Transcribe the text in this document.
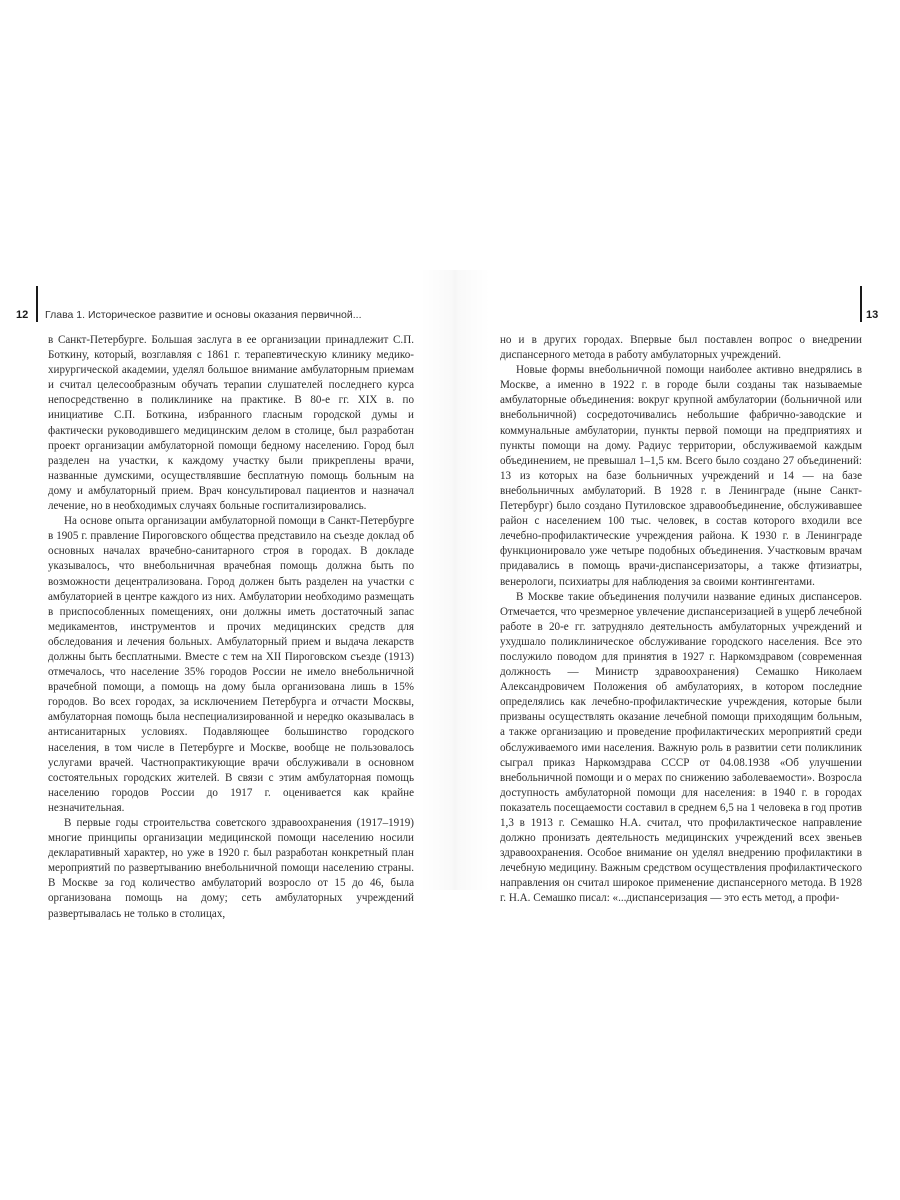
12 Глава 1. Историческое развитие и основы оказания первичной...	13

в Санкт-Петербурге. Большая заслуга в ее организации принадлежит С.П. Боткину, который, возглавляя с 1861 г. терапевтическую клинику медико-хирургической академии, уделял большое внимание амбулаторным приемам и считал целесообразным обучать терапии слушателей последнего курса непосредственно в поликлинике на практике. В 80-е гг. XIX в. по инициативе С.П. Боткина, избранного гласным городской думы и фактически руководившего медицинским делом в столице, был разработан проект организации амбулаторной помощи бедному населению. Город был разделен на участки, к каждому участку были прикреплены врачи, названные думскими, осуществлявшие бесплатную помощь больным на дому и амбулаторный прием. Врач консультировал пациентов и назначал лечение, но в необходимых случаях больные госпитализировались.

На основе опыта организации амбулаторной помощи в Санкт-Петербурге в 1905 г. правление Пироговского общества представило на съезде доклад об основных началах врачебно-санитарного строя в городах. В докладе указывалось, что внебольничная врачебная помощь должна быть по возможности децентрализована. Город должен быть разделен на участки с амбулаторией в центре каждого из них. Амбулатории необходимо размещать в приспособленных помещениях, они должны иметь достаточный запас медикаментов, инструментов и прочих медицинских средств для обследования и лечения больных. Амбулаторный прием и выдача лекарств должны быть бесплатными. Вместе с тем на XII Пироговском съезде (1913) отмечалось, что население 35% городов России не имело внебольничной врачебной помощи, а помощь на дому была организована лишь в 15% городов. Во всех городах, за исключением Петербурга и отчасти Москвы, амбулаторная помощь была неспециализированной и нередко оказывалась в антисанитарных условиях. Подавляющее большинство городского населения, в том числе в Петербурге и Москве, вообще не пользовалось услугами врачей. Частнопрактикующие врачи обслуживали в основном состоятельных городских жителей. В связи с этим амбулаторная помощь населению городов России до 1917 г. оценивается как крайне незначительная.

В первые годы строительства советского здравоохранения (1917–1919) многие принципы организации медицинской помощи населению носили декларативный характер, но уже в 1920 г. был разработан конкретный план мероприятий по развертыванию внебольничной помощи населению страны. В Москве за год количество амбулаторий возросло от 15 до 46, была организована помощь на дому; сеть амбулаторных учреждений развертывалась не только в столицах,

но и в других городах. Впервые был поставлен вопрос о внедрении диспансерного метода в работу амбулаторных учреждений.

Новые формы внебольничной помощи наиболее активно внедрялись в Москве, а именно в 1922 г. в городе были созданы так называемые амбулаторные объединения: вокруг крупной амбулатории (больничной или внебольничной) сосредоточивались небольшие фабрично-заводские и коммунальные амбулатории, пункты первой помощи на предприятиях и пункты помощи на дому. Радиус территории, обслуживаемой каждым объединением, не превышал 1–1,5 км. Всего было создано 27 объединений: 13 из которых на базе больничных учреждений и 14 — на базе внебольничных амбулаторий. В 1928 г. в Ленинграде (ныне Санкт-Петербург) было создано Путиловское здравообъединение, обслуживавшее район с населением 100 тыс. человек, в состав которого входили все лечебно-профилактические учреждения района. К 1930 г. в Ленинграде функционировало уже четыре подобных объединения. Участковым врачам придавались в помощь врачи-диспансеризаторы, а также фтизиатры, венерологи, психиатры для наблюдения за своими контингентами.

В Москве такие объединения получили название единых диспансеров. Отмечается, что чрезмерное увлечение диспансеризацией в ущерб лечебной работе в 20-е гг. затрудняло деятельность амбулаторных учреждений и ухудшало поликлиническое обслуживание городского населения. Все это послужило поводом для принятия в 1927 г. Наркомздравом (современная должность — Министр здравоохранения) Семашко Николаем Александровичем Положения об амбулаториях, в котором последние определялись как лечебно-профилактические учреждения, которые были призваны осуществлять оказание лечебной помощи приходящим больным, а также организацию и проведение профилактических мероприятий среди обслуживаемого ими населения. Важную роль в развитии сети поликлиник сыграл приказ Наркомздрава СССР от 04.08.1938 «Об улучшении внебольничной помощи и о мерах по снижению заболеваемости». Возросла доступность амбулаторной помощи для населения: в 1940 г. в городах показатель посещаемости составил в среднем 6,5 на 1 человека в год против 1,3 в 1913 г. Семашко Н.А. считал, что профилактическое направление должно пронизать деятельность медицинских учреждений всех звеньев здравоохранения. Особое внимание он уделял внедрению профилактики в лечебную медицину. Важным средством осуществления профилактического направления он считал широкое применение диспансерного метода. В 1928 г. Н.А. Семашко писал: «...диспансеризация — это есть метод, а профи-
